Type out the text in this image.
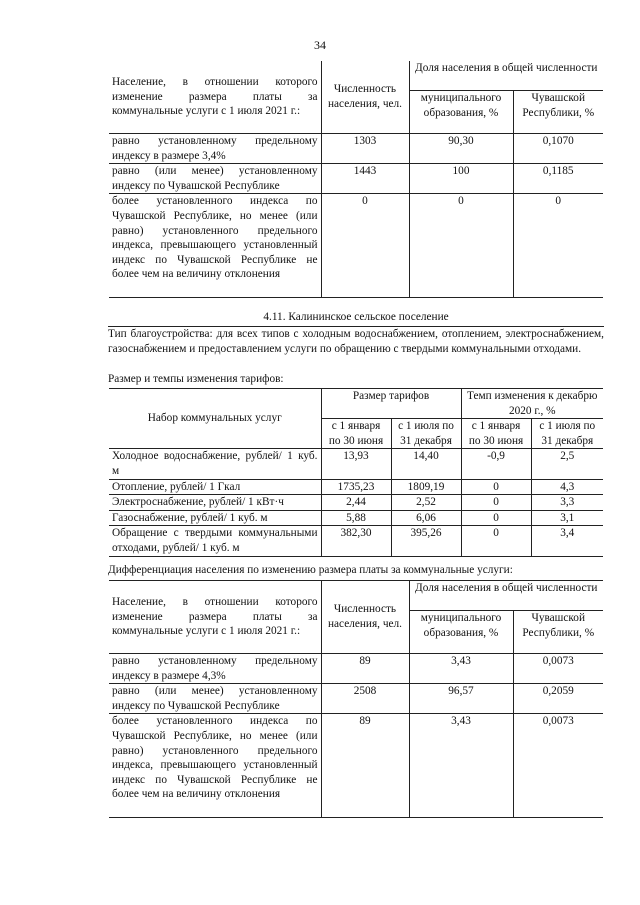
34
Население, в отношении которого изменение размера платы за коммунальные услуги с 1 июля 2021 г.:	Численность населения, чел.	Доля населения в общей численности	
		муниципального образования, %	Чувашской Республики, %
равно установленному предельному индексу в размере 3,4%	1303	90,30	0,1070
равно (или менее) установленному индексу по Чувашской Республике	1443	100	0,1185
более установленного индекса по Чувашской Республике, но менее (или равно) установленного предельного индекса, превышающего установленный индекс по Чувашской Республике не более чем на величину отклонения	0	0	0
4.11. Калининское сельское поселение
Тип благоустройства: для всех типов с холодным водоснабжением, отоплением, электроснабжением, газоснабжением и предоставлением услуги по обращению с твердыми коммунальными отходами.
Размер и темпы изменения тарифов:
Набор коммунальных услуг	Размер тарифов		Темп изменения к декабрю 2020 г., %	
	с 1 января по 30 июня	с 1 июля по 31 декабря	с 1 января по 30 июня	с 1 июля по 31 декабря
Холодное водоснабжение, рублей/ 1 куб. м	13,93	14,40	-0,9	2,5
Отопление, рублей/ 1 Гкал	1735,23	1809,19	0	4,3
Электроснабжение, рублей/ 1 кВт·ч	2,44	2,52	0	3,3
Газоснабжение, рублей/ 1 куб. м	5,88	6,06	0	3,1
Обращение с твердыми коммунальными отходами, рублей/ 1 куб. м	382,30	395,26	0	3,4
Дифференциация населения по изменению размера платы за коммунальные услуги:
Население, в отношении которого изменение размера платы за коммунальные услуги с 1 июля 2021 г.:	Численность населения, чел.	Доля населения в общей численности	
		муниципального образования, %	Чувашской Республики, %
равно установленному предельному индексу в размере 4,3%	89	3,43	0,0073
равно (или менее) установленному индексу по Чувашской Республике	2508	96,57	0,2059
более установленного индекса по Чувашской Республике, но менее (или равно) установленного предельного индекса, превышающего установленный индекс по Чувашской Республике не более чем на величину отклонения	89	3,43	0,0073
